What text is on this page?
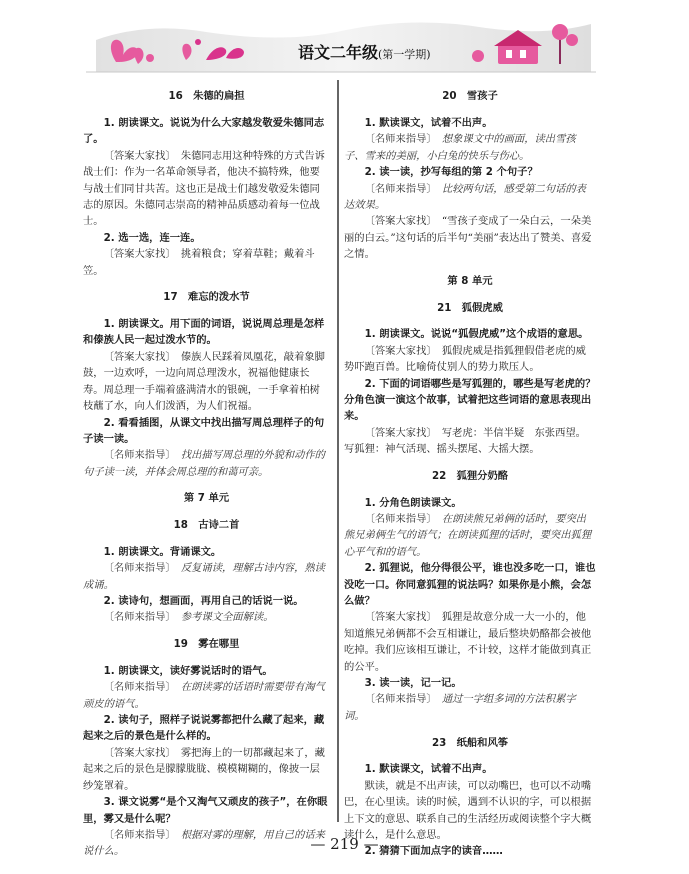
语文二年级(第一学期)

16　朱德的扁担

1. 朗读课文。说说为什么大家越发敬爱朱德同志了。

〔答案大家找〕　 朱德同志用这种特殊的方式告诉战士们：作为一名革命领导者，他决不搞特殊，他要与战士们同甘共苦。这也正是战士们越发敬爱朱德同志的原因。朱德同志崇高的精神品质感动着每一位战士。

2. 选一选，连一连。

〔答案大家找〕　 挑着粮食；穿着草鞋；戴着斗笠。

17　难忘的泼水节

1. 朗读课文。用下面的词语，说说周总理是怎样和傣族人民一起过泼水节的。

〔答案大家找〕　 傣族人民踩着凤凰花，敲着象脚鼓，一边欢呼，一边向周总理泼水，祝福他健康长寿。周总理一手端着盛满清水的银碗，一手拿着柏树枝蘸了水，向人们泼洒，为人们祝福。

2. 看看插图，从课文中找出描写周总理样子的句子读一读。

〔名师来指导〕　 找出描写周总理的外貌和动作的句子读一读，并体会周总理的和蔼可亲。

第 7 单元

18　古诗二首

1. 朗读课文。背诵课文。

〔名师来指导〕　 反复诵读，理解古诗内容，熟读成诵。

2. 读诗句，想画面，再用自己的话说一说。

〔名师来指导〕　 参考课文全面解读。

19　雾在哪里

1. 朗读课文，读好雾说话时的语气。

〔名师来指导〕　 在朗读雾的话语时需要带有淘气顽皮的语气。

2. 读句子，照样子说说雾都把什么藏了起来，藏起来之后的景色是什么样的。

〔答案大家找〕　 雾把海上的一切都藏起来了，藏起来之后的景色是朦朦胧胧、模模糊糊的，像披一层纱笼罩着。

3. 课文说雾“是个又淘气又顽皮的孩子”，在你眼里，雾又是什么呢？

〔名师来指导〕　 根据对雾的理解，用自己的话来说什么。

20　雪孩子

1. 默读课文，试着不出声。

〔名师来指导〕　 想象课文中的画面，读出雪孩子、雪来的美丽，小白兔的快乐与伤心。

2. 读一读，抄写每组的第 2 个句子？

〔名师来指导〕　 比较两句话，感受第二句话的表达效果。

〔答案大家找〕　 “雪孩子变成了一朵白云，一朵美丽的白云。”这句话的后半句“美丽”表达出了赞美、喜爱之情。

第 8 单元

21　狐假虎威

1. 朗读课文。说说“狐假虎威”这个成语的意思。

〔答案大家找〕　 狐假虎威是指狐狸假借老虎的威势吓跑百兽。比喻倚仗别人的势力欺压人。

2. 下面的词语哪些是写狐狸的，哪些是写老虎的？分角色演一演这个故事，试着把这些词语的意思表现出来。

〔答案大家找〕　 写老虎：半信半疑　东张西望。写狐狸：神气活现、摇头摆尾、大摇大摆。

22　狐狸分奶酪

1. 分角色朗读课文。

〔名师来指导〕　 在朗读熊兄弟俩的话时，要突出熊兄弟俩生气的语气；在朗读狐狸的话时，要突出狐狸心平气和的语气。

2. 狐狸说，他分得很公平，谁也没多吃一口，谁也没吃一口。你同意狐狸的说法吗？如果你是小熊，会怎么做？

〔答案大家找〕　 狐狸是故意分成一大一小的，他知道熊兄弟俩都不会互相谦让，最后整块奶酪都会被他吃掉。我们应该相互谦让，不计较，这样才能做到真正的公平。

3. 读一读，记一记。

〔名师来指导〕　 通过一字组多词的方法积累字词。

23　纸船和风筝

1. 默读课文，试着不出声。

默读，就是不出声读，可以动嘴巴，也可以不动嘴巴，在心里读。读的时候，遇到不认识的字，可以根据上下文的意思、联系自己的生活经历或阅读整个字大概读什么，是什么意思。

2. 猜猜下面加点字的读音……

— 219 —
